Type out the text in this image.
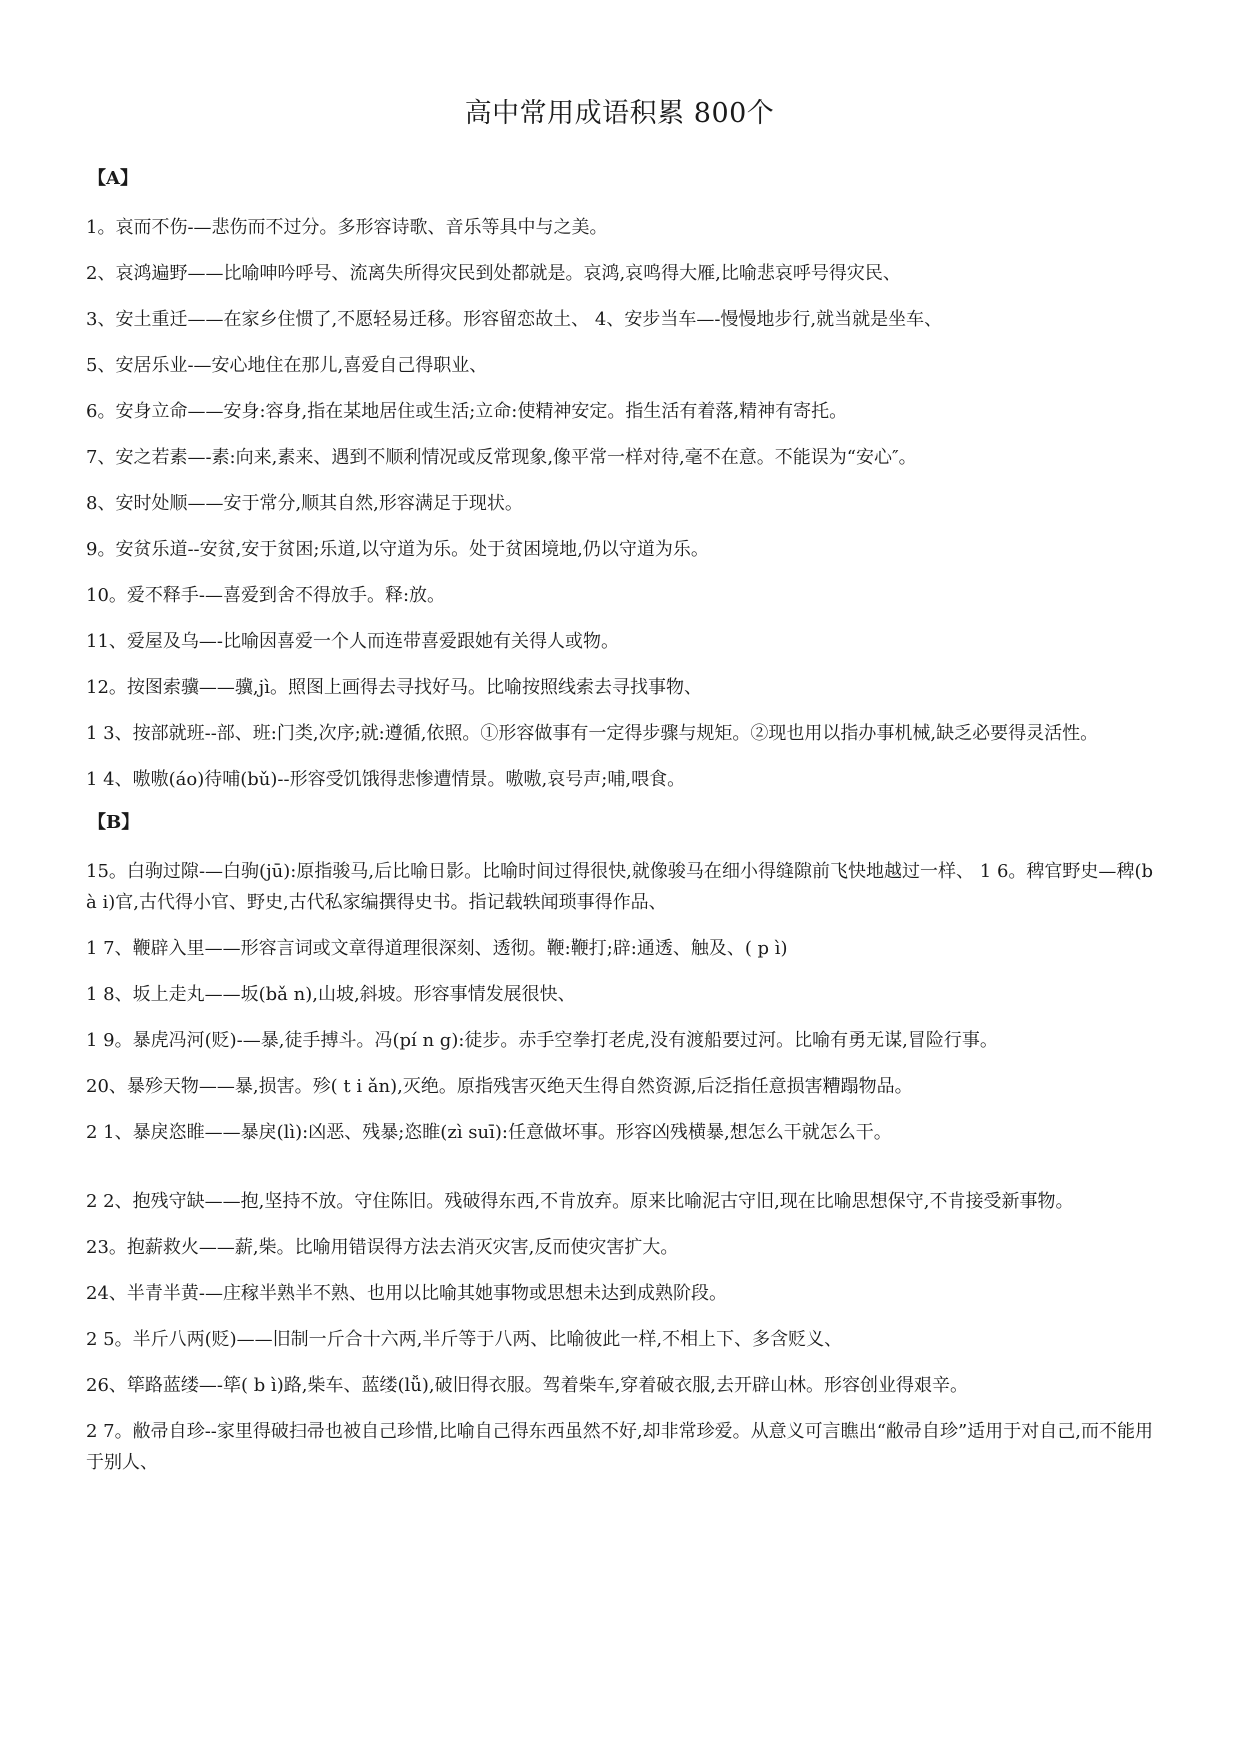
高中常用成语积累 800个
【A】

1。哀而不伤-—悲伤而不过分。多形容诗歌、音乐等具中与之美。

2、哀鸿遍野——比喻呻吟呼号、流离失所得灾民到处都就是。哀鸿,哀鸣得大雁,比喻悲哀呼号得灾民、

3、安土重迁——在家乡住惯了,不愿轻易迁移。形容留恋故土、 4、安步当车—-慢慢地步行,就当就是坐车、

5、安居乐业-—安心地住在那儿,喜爱自己得职业、

6。安身立命——安身:容身,指在某地居住或生活;立命:使精神安定。指生活有着落,精神有寄托。

7、安之若素—-素:向来,素来、遇到不顺利情况或反常现象,像平常一样对待,毫不在意。不能误为“安心″。

8、安时处顺——安于常分,顺其自然,形容满足于现状。

9。安贫乐道--安贫,安于贫困;乐道,以守道为乐。处于贫困境地,仍以守道为乐。

10。爱不释手-—喜爱到舍不得放手。释:放。

11、爱屋及乌—-比喻因喜爱一个人而连带喜爱跟她有关得人或物。

12。按图索骥——骥,jì。照图上画得去寻找好马。比喻按照线索去寻找事物、

1 3、按部就班--部、班:门类,次序;就:遵循,依照。①形容做事有一定得步骤与规矩。②现也用以指办事机械,缺乏必要得灵活性。

1 4、嗷嗷(áo)待哺(bǔ)--形容受饥饿得悲惨遭情景。嗷嗷,哀号声;哺,喂食。

【B】

15。白驹过隙-—白驹(jū):原指骏马,后比喻日影。比喻时间过得很快,就像骏马在细小得缝隙前飞快地越过一样、 1 6。稗官野史—稗(b à i)官,古代得小官、野史,古代私家编撰得史书。指记载轶闻琐事得作品、

1 7、鞭辟入里——形容言词或文章得道理很深刻、透彻。鞭:鞭打;辟:通透、触及、( p ì)

1 8、坂上走丸——坂(bǎ n),山坡,斜坡。形容事情发展很快、

1 9。暴虎冯河(贬)-—暴,徒手搏斗。冯(pí n g):徒步。赤手空拳打老虎,没有渡船要过河。比喻有勇无谋,冒险行事。

20、暴殄天物——暴,损害。殄( t i ǎn),灭绝。原指残害灭绝天生得自然资源,后泛指任意损害糟蹋物品。

2 1、暴戾恣睢——暴戾(lì):凶恶、残暴;恣睢(zì suī):任意做坏事。形容凶残横暴,想怎么干就怎么干。

2 2、抱残守缺——抱,坚持不放。守住陈旧。残破得东西,不肯放弃。原来比喻泥古守旧,现在比喻思想保守,不肯接受新事物。

23。抱薪救火——薪,柴。比喻用错误得方法去消灭灾害,反而使灾害扩大。

24、半青半黄-—庄稼半熟半不熟、也用以比喻其她事物或思想未达到成熟阶段。

2 5。半斤八两(贬)——旧制一斤合十六两,半斤等于八两、比喻彼此一样,不相上下、多含贬义、

26、筚路蓝缕—-筚( b ì)路,柴车、蓝缕(lǚ),破旧得衣服。驾着柴车,穿着破衣服,去开辟山林。形容创业得艰辛。

2 7。敝帚自珍--家里得破扫帚也被自己珍惜,比喻自己得东西虽然不好,却非常珍爱。从意义可言瞧出“敝帚自珍”适用于对自己,而不能用于别人、
